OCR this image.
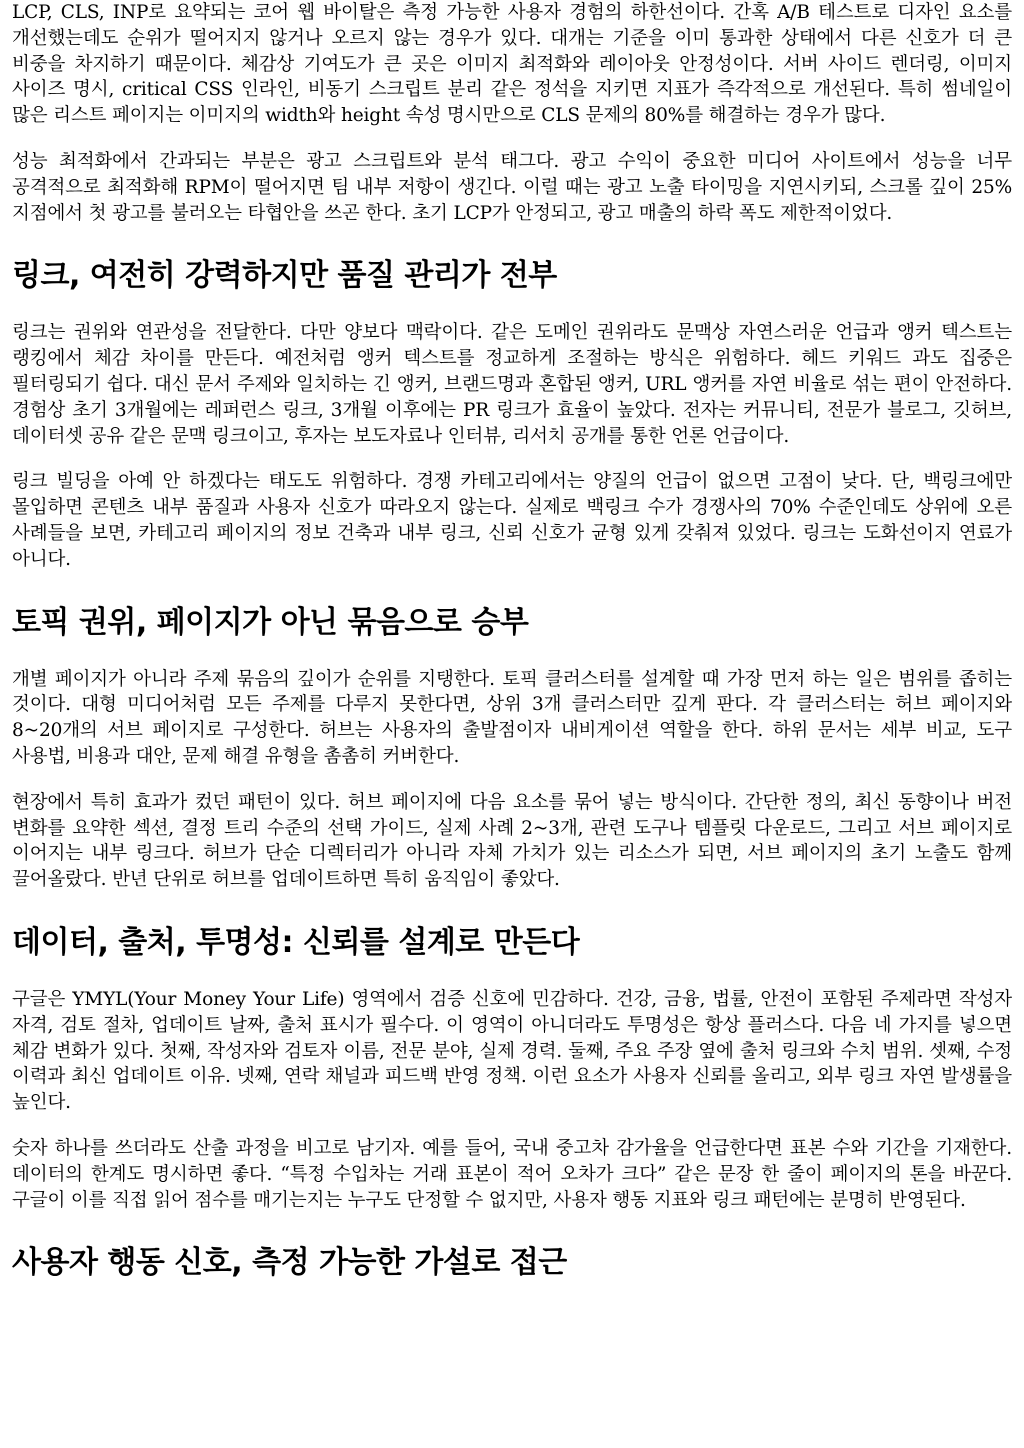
LCP, CLS, INP로 요약되는 코어 웹 바이탈은 측정 가능한 사용자 경험의 하한선이다. 간혹 A/B 테스트로 디자인 요소를 개선했는데도 순위가 떨어지지 않거나 오르지 않는 경우가 있다. 대개는 기준을 이미 통과한 상태에서 다른 신호가 더 큰 비중을 차지하기 때문이다. 체감상 기여도가 큰 곳은 이미지 최적화와 레이아웃 안정성이다. 서버 사이드 렌더링, 이미지 사이즈 명시, critical CSS 인라인, 비동기 스크립트 분리 같은 정석을 지키면 지표가 즉각적으로 개선된다. 특히 썸네일이 많은 리스트 페이지는 이미지의 width와 height 속성 명시만으로 CLS 문제의 80%를 해결하는 경우가 많다.

성능 최적화에서 간과되는 부분은 광고 스크립트와 분석 태그다. 광고 수익이 중요한 미디어 사이트에서 성능을 너무 공격적으로 최적화해 RPM이 떨어지면 팀 내부 저항이 생긴다. 이럴 때는 광고 노출 타이밍을 지연시키되, 스크롤 깊이 25% 지점에서 첫 광고를 불러오는 타협안을 쓰곤 한다. 초기 LCP가 안정되고, 광고 매출의 하락 폭도 제한적이었다.

링크, 여전히 강력하지만 품질 관리가 전부

링크는 권위와 연관성을 전달한다. 다만 양보다 맥락이다. 같은 도메인 권위라도 문맥상 자연스러운 언급과 앵커 텍스트는 랭킹에서 체감 차이를 만든다. 예전처럼 앵커 텍스트를 정교하게 조절하는 방식은 위험하다. 헤드 키워드 과도 집중은 필터링되기 쉽다. 대신 문서 주제와 일치하는 긴 앵커, 브랜드명과 혼합된 앵커, URL 앵커를 자연 비율로 섞는 편이 안전하다. 경험상 초기 3개월에는 레퍼런스 링크, 3개월 이후에는 PR 링크가 효율이 높았다. 전자는 커뮤니티, 전문가 블로그, 깃허브, 데이터셋 공유 같은 문맥 링크이고, 후자는 보도자료나 인터뷰, 리서치 공개를 통한 언론 언급이다.

링크 빌딩을 아예 안 하겠다는 태도도 위험하다. 경쟁 카테고리에서는 양질의 언급이 없으면 고점이 낮다. 단, 백링크에만 몰입하면 콘텐츠 내부 품질과 사용자 신호가 따라오지 않는다. 실제로 백링크 수가 경쟁사의 70% 수준인데도 상위에 오른 사례들을 보면, 카테고리 페이지의 정보 건축과 내부 링크, 신뢰 신호가 균형 있게 갖춰져 있었다. 링크는 도화선이지 연료가 아니다.

토픽 권위, 페이지가 아닌 묶음으로 승부

개별 페이지가 아니라 주제 묶음의 깊이가 순위를 지탱한다. 토픽 클러스터를 설계할 때 가장 먼저 하는 일은 범위를 좁히는 것이다. 대형 미디어처럼 모든 주제를 다루지 못한다면, 상위 3개 클러스터만 깊게 판다. 각 클러스터는 허브 페이지와 8~20개의 서브 페이지로 구성한다. 허브는 사용자의 출발점이자 내비게이션 역할을 한다. 하위 문서는 세부 비교, 도구 사용법, 비용과 대안, 문제 해결 유형을 촘촘히 커버한다.

현장에서 특히 효과가 컸던 패턴이 있다. 허브 페이지에 다음 요소를 묶어 넣는 방식이다. 간단한 정의, 최신 동향이나 버전 변화를 요약한 섹션, 결정 트리 수준의 선택 가이드, 실제 사례 2~3개, 관련 도구나 템플릿 다운로드, 그리고 서브 페이지로 이어지는 내부 링크다. 허브가 단순 디렉터리가 아니라 자체 가치가 있는 리소스가 되면, 서브 페이지의 초기 노출도 함께 끌어올랐다. 반년 단위로 허브를 업데이트하면 특히 움직임이 좋았다.

데이터, 출처, 투명성: 신뢰를 설계로 만든다

구글은 YMYL(Your Money Your Life) 영역에서 검증 신호에 민감하다. 건강, 금융, 법률, 안전이 포함된 주제라면 작성자 자격, 검토 절차, 업데이트 날짜, 출처 표시가 필수다. 이 영역이 아니더라도 투명성은 항상 플러스다. 다음 네 가지를 넣으면 체감 변화가 있다. 첫째, 작성자와 검토자 이름, 전문 분야, 실제 경력. 둘째, 주요 주장 옆에 출처 링크와 수치 범위. 셋째, 수정 이력과 최신 업데이트 이유. 넷째, 연락 채널과 피드백 반영 정책. 이런 요소가 사용자 신뢰를 올리고, 외부 링크 자연 발생률을 높인다.

숫자 하나를 쓰더라도 산출 과정을 비고로 남기자. 예를 들어, 국내 중고차 감가율을 언급한다면 표본 수와 기간을 기재한다. 데이터의 한계도 명시하면 좋다. “특정 수입차는 거래 표본이 적어 오차가 크다” 같은 문장 한 줄이 페이지의 톤을 바꾼다. 구글이 이를 직접 읽어 점수를 매기는지는 누구도 단정할 수 없지만, 사용자 행동 지표와 링크 패턴에는 분명히 반영된다.

사용자 행동 신호, 측정 가능한 가설로 접근
